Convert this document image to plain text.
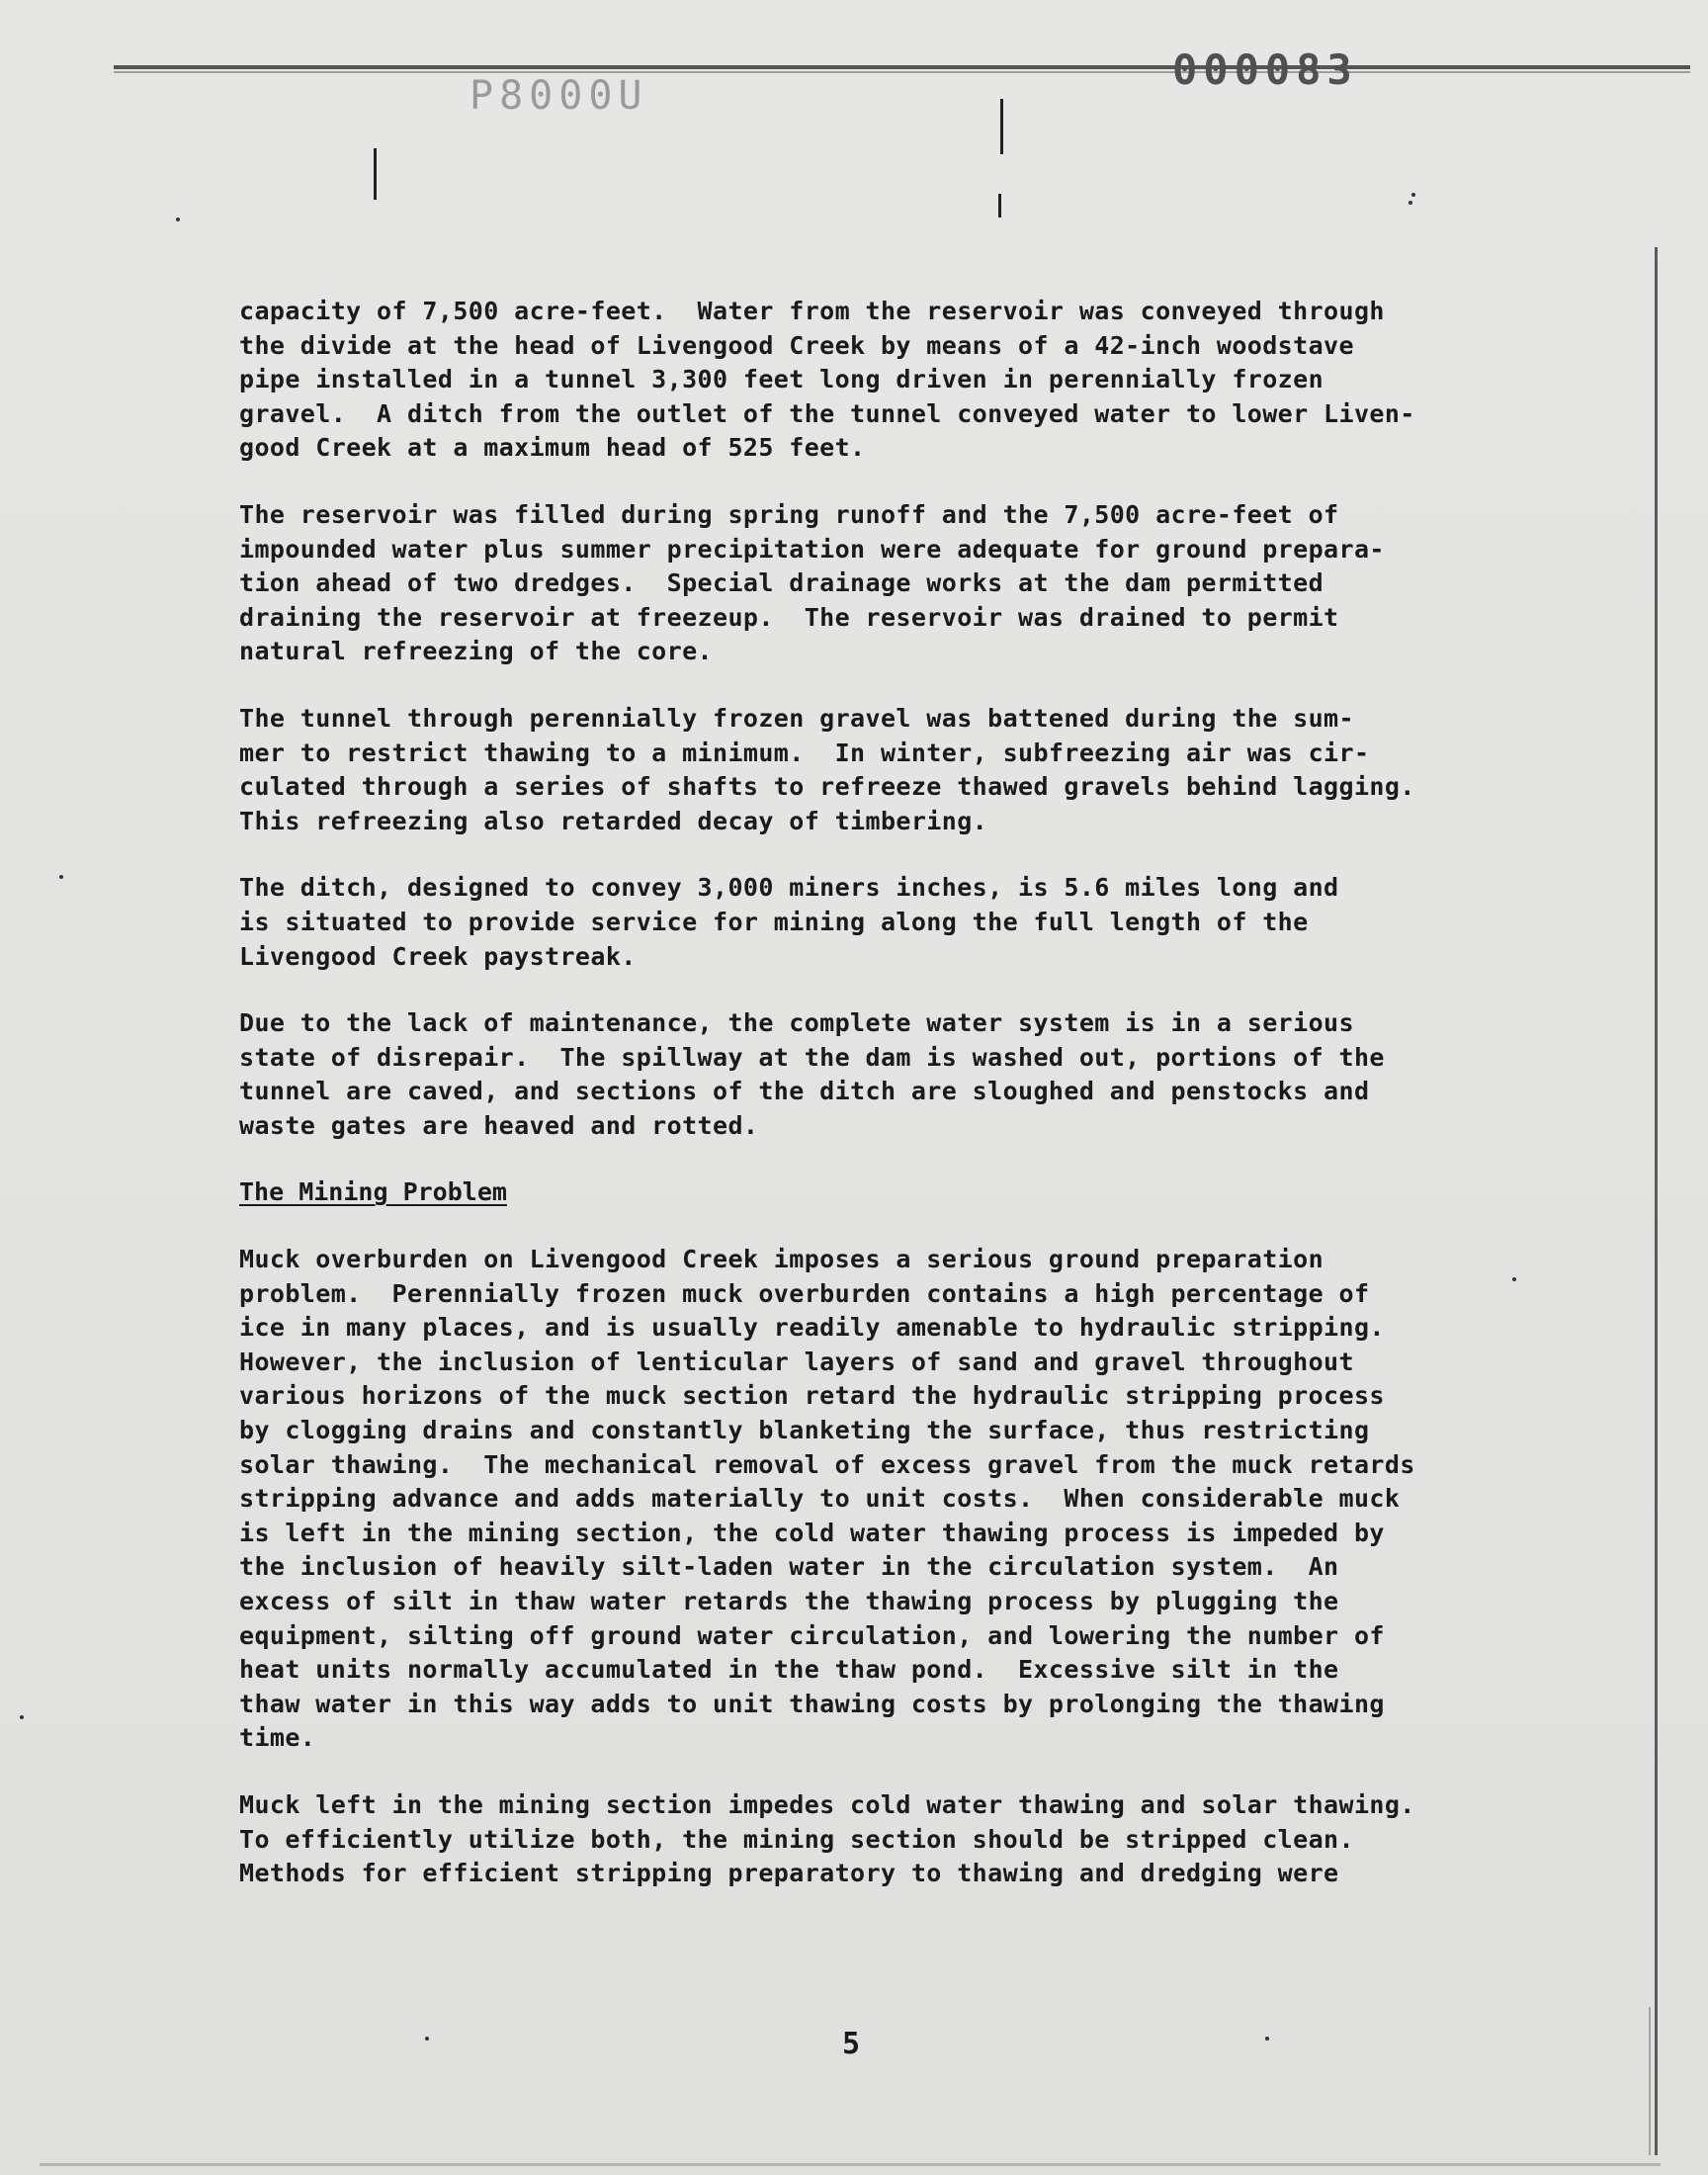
P8000U
000083

capacity of 7,500 acre-feet.  Water from the reservoir was conveyed through

the divide at the head of Livengood Creek by means of a 42-inch woodstave

pipe installed in a tunnel 3,300 feet long driven in perennially frozen

gravel.  A ditch from the outlet of the tunnel conveyed water to lower Liven-

good Creek at a maximum head of 525 feet.

The reservoir was filled during spring runoff and the 7,500 acre-feet of

impounded water plus summer precipitation were adequate for ground prepara-

tion ahead of two dredges.  Special drainage works at the dam permitted

draining the reservoir at freezeup.  The reservoir was drained to permit

natural refreezing of the core.

The tunnel through perennially frozen gravel was battened during the sum-

mer to restrict thawing to a minimum.  In winter, subfreezing air was cir-

culated through a series of shafts to refreeze thawed gravels behind lagging.

This refreezing also retarded decay of timbering.

The ditch, designed to convey 3,000 miners inches, is 5.6 miles long and

is situated to provide service for mining along the full length of the

Livengood Creek paystreak.

Due to the lack of maintenance, the complete water system is in a serious

state of disrepair.  The spillway at the dam is washed out, portions of the

tunnel are caved, and sections of the ditch are sloughed and penstocks and

waste gates are heaved and rotted.

The Mining Problem

Muck overburden on Livengood Creek imposes a serious ground preparation

problem.  Perennially frozen muck overburden contains a high percentage of

ice in many places, and is usually readily amenable to hydraulic stripping.

However, the inclusion of lenticular layers of sand and gravel throughout

various horizons of the muck section retard the hydraulic stripping process

by clogging drains and constantly blanketing the surface, thus restricting

solar thawing.  The mechanical removal of excess gravel from the muck retards

stripping advance and adds materially to unit costs.  When considerable muck

is left in the mining section, the cold water thawing process is impeded by

the inclusion of heavily silt-laden water in the circulation system.  An

excess of silt in thaw water retards the thawing process by plugging the

equipment, silting off ground water circulation, and lowering the number of

heat units normally accumulated in the thaw pond.  Excessive silt in the

thaw water in this way adds to unit thawing costs by prolonging the thawing

time.

Muck left in the mining section impedes cold water thawing and solar thawing.

To efficiently utilize both, the mining section should be stripped clean.

Methods for efficient stripping preparatory to thawing and dredging were

5
